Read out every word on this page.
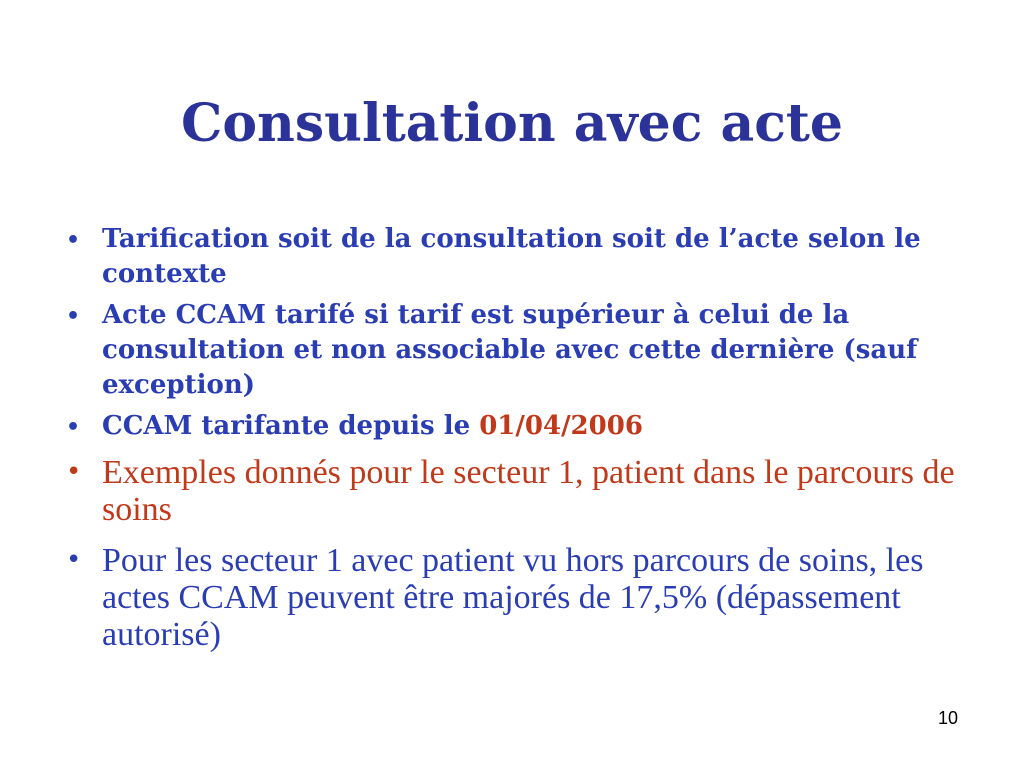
Consultation avec acte
• Tarification soit de la consultation soit de l’acte selon le contexte
• Acte CCAM tarifé si tarif est supérieur à celui de la consultation et non associable avec cette dernière (sauf exception)
• CCAM tarifante depuis le 01/04/2006
• Exemples donnés pour le secteur 1, patient dans le parcours de soins
• Pour les secteur 1 avec patient vu hors parcours de soins, les actes CCAM peuvent être majorés de 17,5% (dépassement autorisé)
10
